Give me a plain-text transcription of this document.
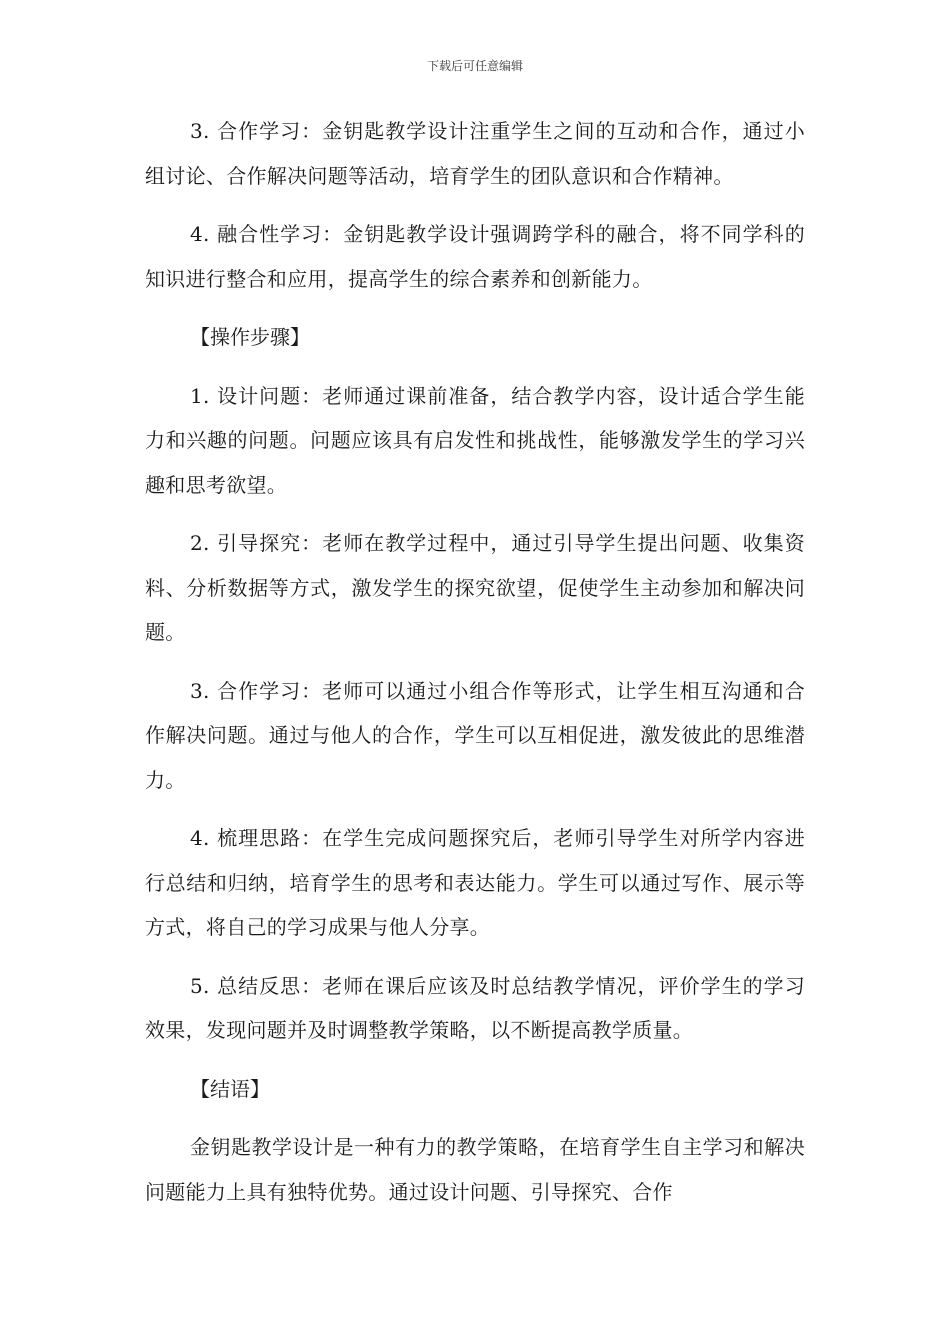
下载后可任意编辑

3. 合作学习：金钥匙教学设计注重学生之间的互动和合作，通过小组讨论、合作解决问题等活动，培育学生的团队意识和合作精神。

4. 融合性学习：金钥匙教学设计强调跨学科的融合，将不同学科的知识进行整合和应用，提高学生的综合素养和创新能力。

【操作步骤】

1. 设计问题：老师通过课前准备，结合教学内容，设计适合学生能力和兴趣的问题。问题应该具有启发性和挑战性，能够激发学生的学习兴趣和思考欲望。

2. 引导探究：老师在教学过程中，通过引导学生提出问题、收集资料、分析数据等方式，激发学生的探究欲望，促使学生主动参加和解决问题。

3. 合作学习：老师可以通过小组合作等形式，让学生相互沟通和合作解决问题。通过与他人的合作，学生可以互相促进，激发彼此的思维潜力。

4. 梳理思路：在学生完成问题探究后，老师引导学生对所学内容进行总结和归纳，培育学生的思考和表达能力。学生可以通过写作、展示等方式，将自己的学习成果与他人分享。

5. 总结反思：老师在课后应该及时总结教学情况，评价学生的学习效果，发现问题并及时调整教学策略，以不断提高教学质量。

【结语】

金钥匙教学设计是一种有力的教学策略，在培育学生自主学习和解决问题能力上具有独特优势。通过设计问题、引导探究、合作
